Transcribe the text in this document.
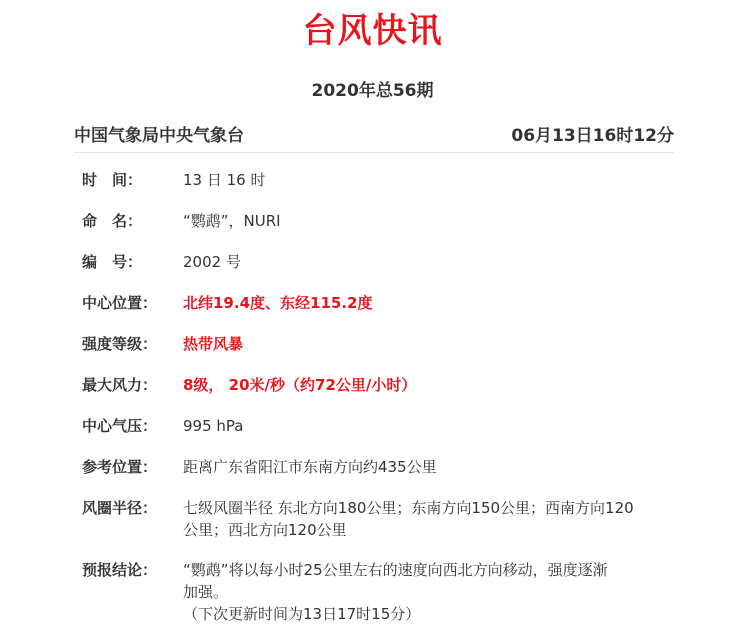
台风快讯
2020年总56期
中国气象局中央气象台	06月13日16时12分
时　间：	13 日 16 时
命　名：	“鹦鹉”，NURI
编　号：	2002 号
中心位置：	北纬19.4度、东经115.2度
强度等级：	热带风暴
最大风力：	8级， 20米/秒（约72公里/小时）
中心气压：	995 hPa
参考位置：	距离广东省阳江市东南方向约435公里
风圈半径：	七级风圈半径 东北方向180公里；东南方向150公里；西南方向120
公里；西北方向120公里
预报结论：	“鹦鹉”将以每小时25公里左右的速度向西北方向移动，强度逐渐
加强。
（下次更新时间为13日17时15分）
